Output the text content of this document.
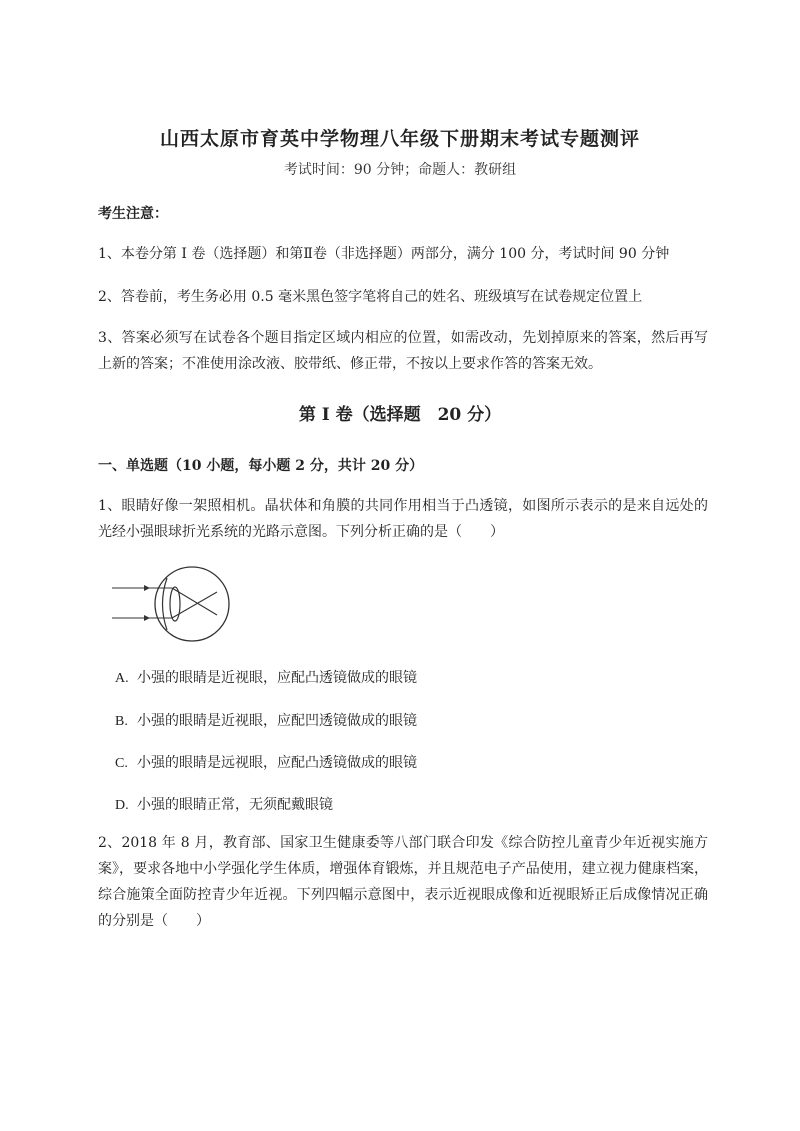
山西太原市育英中学物理八年级下册期末考试专题测评
考试时间：90 分钟；命题人：教研组
考生注意：
1、本卷分第 I 卷（选择题）和第Ⅱ卷（非选择题）两部分，满分 100 分，考试时间 90 分钟
2、答卷前，考生务必用 0.5 毫米黑色签字笔将自己的姓名、班级填写在试卷规定位置上
3、答案必须写在试卷各个题目指定区域内相应的位置，如需改动，先划掉原来的答案，然后再写上新的答案；不准使用涂改液、胶带纸、修正带，不按以上要求作答的答案无效。
第 I 卷（选择题　20 分）
一、单选题（10 小题，每小题 2 分，共计 20 分）
1、眼睛好像一架照相机。晶状体和角膜的共同作用相当于凸透镜，如图所示表示的是来自远处的光经小强眼球折光系统的光路示意图。下列分析正确的是（　　）
A. 小强的眼睛是近视眼，应配凸透镜做成的眼镜
B. 小强的眼睛是近视眼，应配凹透镜做成的眼镜
C. 小强的眼睛是远视眼，应配凸透镜做成的眼镜
D. 小强的眼睛正常，无须配戴眼镜
2、2018 年 8 月，教育部、国家卫生健康委等八部门联合印发《综合防控儿童青少年近视实施方案》，要求各地中小学强化学生体质，增强体育锻炼，并且规范电子产品使用，建立视力健康档案，综合施策全面防控青少年近视。下列四幅示意图中，表示近视眼成像和近视眼矫正后成像情况正确的分别是（　　）
